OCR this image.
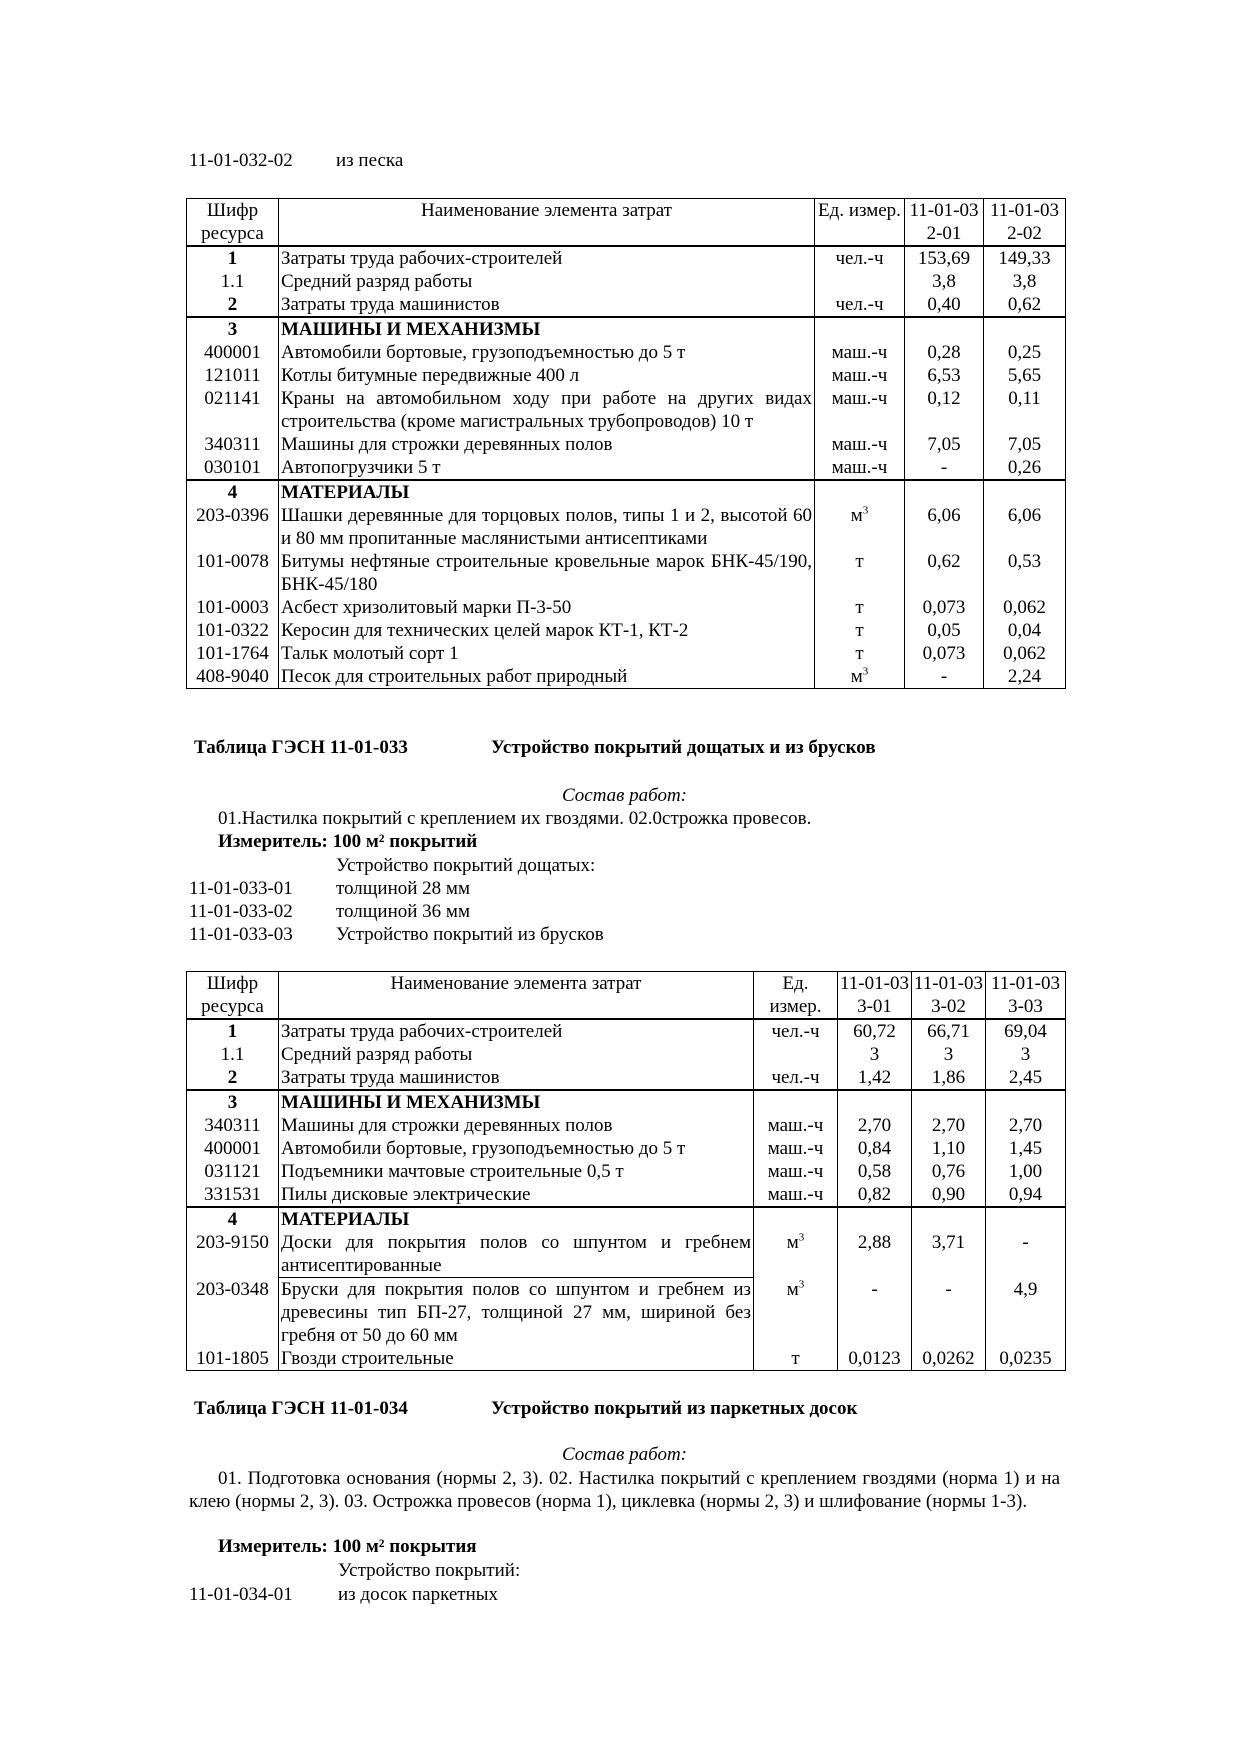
11-01-032-02 из песка
Шифр ресурса	Наименование элемента затрат	Ед. измер.	11-01-032-01	11-01-032-02
1	Затраты труда рабочих-строителей	чел.-ч	153,69	149,33
1.1	Средний разряд работы		3,8	3,8
2	Затраты труда машинистов	чел.-ч	0,40	0,62
3	МАШИНЫ И МЕХАНИЗМЫ			
400001	Автомобили бортовые, грузоподъемностью до 5 т	маш.-ч	0,28	0,25
121011	Котлы битумные передвижные 400 л	маш.-ч	6,53	5,65
021141	Краны на автомобильном ходу при работе на других видах строительства (кроме магистральных трубопроводов) 10 т	маш.-ч	0,12	0,11
340311	Машины для строжки деревянных полов	маш.-ч	7,05	7,05
030101	Автопогрузчики 5 т	маш.-ч	-	0,26
4	МАТЕРИАЛЫ			
203-0396	Шашки деревянные для торцовых полов, типы 1 и 2, высотой 60 и 80 мм пропитанные маслянистыми антисептиками	$м^3$	6,06	6,06
101-0078	Битумы нефтяные строительные кровельные марок БНК-45/190, БНК-45/180	т	0,62	0,53
101-0003	Асбест хризолитовый марки П-3-50	т	0,073	0,062
101-0322	Керосин для технических целей марок КТ-1, КТ-2	т	0,05	0,04
101-1764	Тальк молотый сорт 1	т	0,073	0,062
408-9040	Песок для строительных работ природный	$м^3$	-	2,24
Таблица ГЭСН 11-01-033	Устройство покрытий дощатых и из брусков
Состав работ:
01.Настилка покрытий с креплением их гвоздями. 02.0строжка провесов.
Измеритель: 100 м² покрытий
Устройство покрытий дощатых:
11-01-033-01 толщиной 28 мм
11-01-033-02 толщиной 36 мм
11-01-033-03 Устройство покрытий из брусков
Шифр ресурса	Наименование элемента затрат	Ед. измер.	11-01-033-01	11-01-033-02	11-01-033-03
1	Затраты труда рабочих-строителей	чел.-ч	60,72	66,71	69,04
1.1	Средний разряд работы		3	3	3
2	Затраты труда машинистов	чел.-ч	1,42	1,86	2,45
3	МАШИНЫ И МЕХАНИЗМЫ				
340311	Машины для строжки деревянных полов	маш.-ч	2,70	2,70	2,70
400001	Автомобили бортовые, грузоподъемностью до 5 т	маш.-ч	0,84	1,10	1,45
031121	Подъемники мачтовые строительные 0,5 т	маш.-ч	0,58	0,76	1,00
331531	Пилы дисковые электрические	маш.-ч	0,82	0,90	0,94
4	МАТЕРИАЛЫ				
203-9150	Доски для покрытия полов со шпунтом и гребнем антисептированные	$м^3$	2,88	3,71	-
203-0348	Бруски для покрытия полов со шпунтом и гребнем из древесины тип БП-27, толщиной 27 мм, шириной без гребня от 50 до 60 мм	$м^3$	-	-	4,9
101-1805	Гвозди строительные	т	0,0123	0,0262	0,0235
Таблица ГЭСН 11-01-034	Устройство покрытий из паркетных досок
Состав работ:
01. Подготовка основания (нормы 2, 3). 02. Настилка покрытий с креплением гвоздями (норма 1) и на клею (нормы 2, 3). 03. Острожка провесов (норма 1), циклевка (нормы 2, 3) и шлифование (нормы 1-3).
Измеритель: 100 м² покрытия
Устройство покрытий:
11-01-034-01 из досок паркетных
